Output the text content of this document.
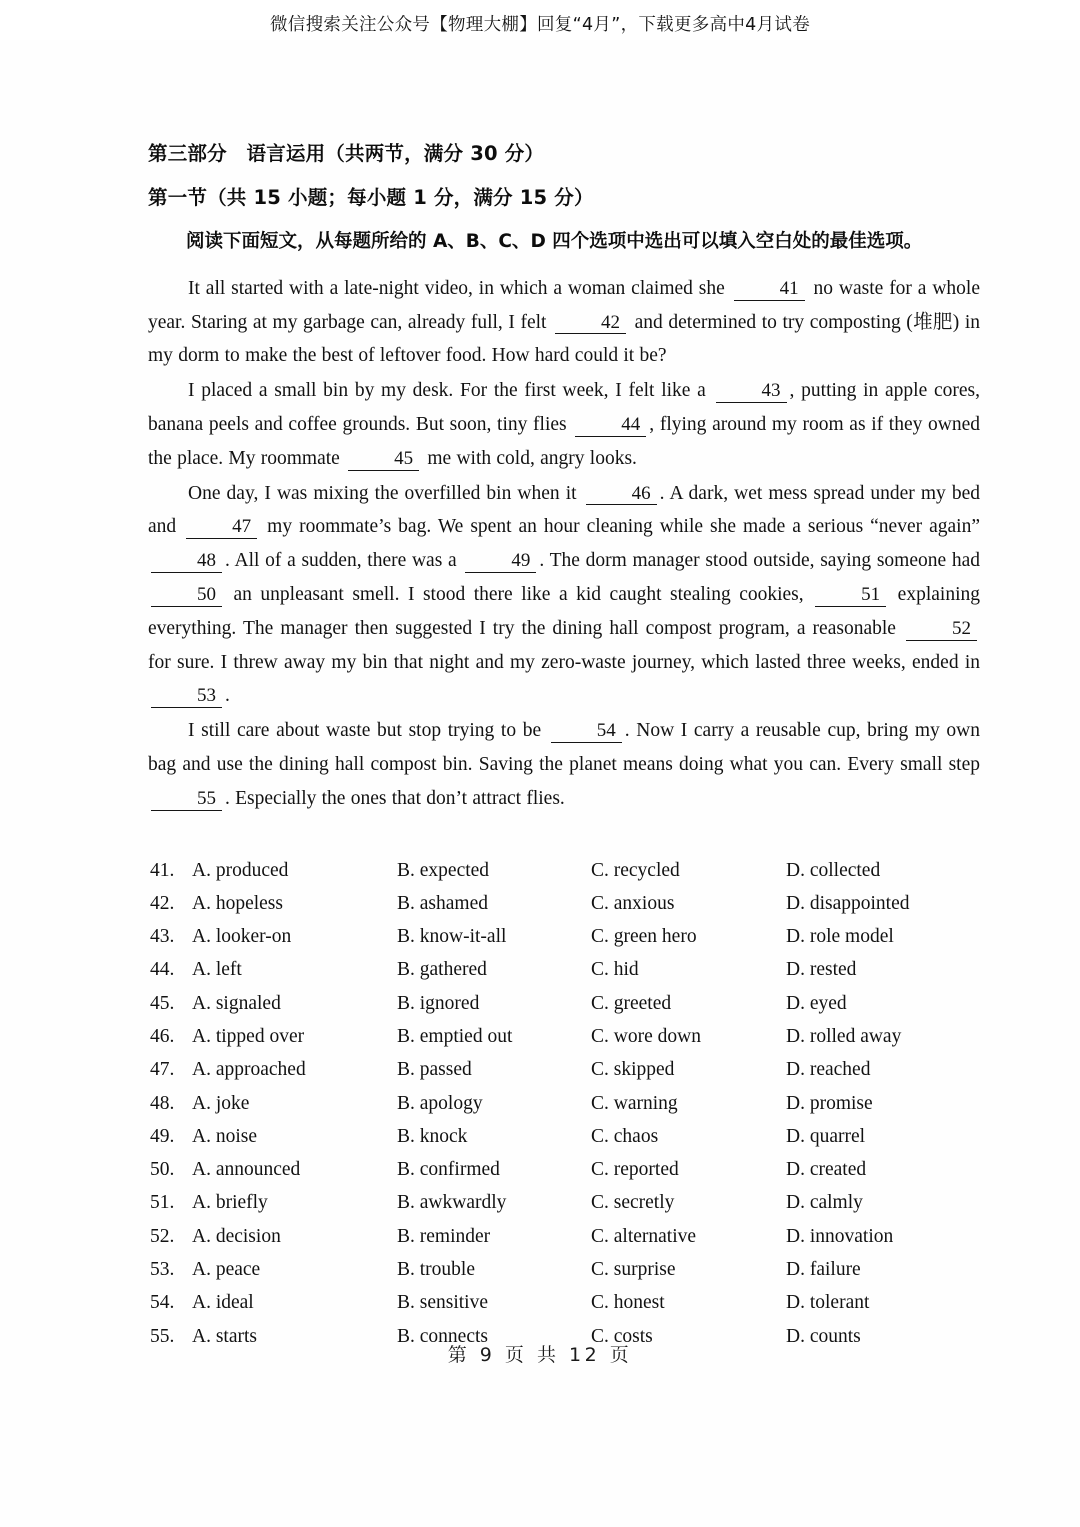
微信搜索关注公众号【物理大棚】回复“4月”，下载更多高中4月试卷
第三部分　语言运用（共两节，满分 30 分）
第一节（共 15 小题；每小题 1 分，满分 15 分）

阅读下面短文，从每题所给的 A、B、C、D 四个选项中选出可以填入空白处的最佳选项。

It all started with a late-night video, in which a woman claimed she	41 no waste for a whole year. Staring at my garbage can, already full, I felt	42 and determined to try composting (堆肥) in my dorm to make the best of leftover food. How hard could it be?

I placed a small bin by my desk. For the first week, I felt like a	43 , putting in apple cores, banana peels and coffee grounds. But soon, tiny flies	44 , flying around my room as if they owned the place. My roommate	45 me with cold, angry looks.

One day, I was mixing the overfilled bin when it	46 . A dark, wet mess spread under my bed and	47 my roommate’s bag. We spent an hour cleaning while she made a serious “never again” 48 . All of a sudden, there was a	49 . The dorm manager stood outside, saying someone had 50 an unpleasant smell. I stood there like a kid caught stealing cookies,	51 explaining everything. The manager then suggested I try the dining hall compost program, a reasonable	52 for sure. I threw away my bin that night and my zero-waste journey, which lasted three weeks, ended in 53 .

I still care about waste but stop trying to be	54 . Now I carry a reusable cup, bring my own bag and use the dining hall compost bin. Saving the planet means doing what you can. Every small step 55 . Especially the ones that don’t attract flies.

41. A. produced	B. expected	C. recycled	D. collected
42. A. hopeless	B. ashamed	C. anxious	D. disappointed
43. A. looker-on	B. know-it-all	C. green hero	D. role model
44. A. left	B. gathered	C. hid	D. rested
45. A. signaled	B. ignored	C. greeted	D. eyed
46. A. tipped over	B. emptied out	C. wore down	D. rolled away
47. A. approached	B. passed	C. skipped	D. reached
48. A. joke	B. apology	C. warning	D. promise
49. A. noise	B. knock	C. chaos	D. quarrel
50. A. announced	B. confirmed	C. reported	D. created
51. A. briefly	B. awkwardly	C. secretly	D. calmly
52. A. decision	B. reminder	C. alternative	D. innovation
53. A. peace	B. trouble	C. surprise	D. failure
54. A. ideal	B. sensitive	C. honest	D. tolerant
55. A. starts	B. connects	C. costs	D. counts
第 9 页 共 12 页
